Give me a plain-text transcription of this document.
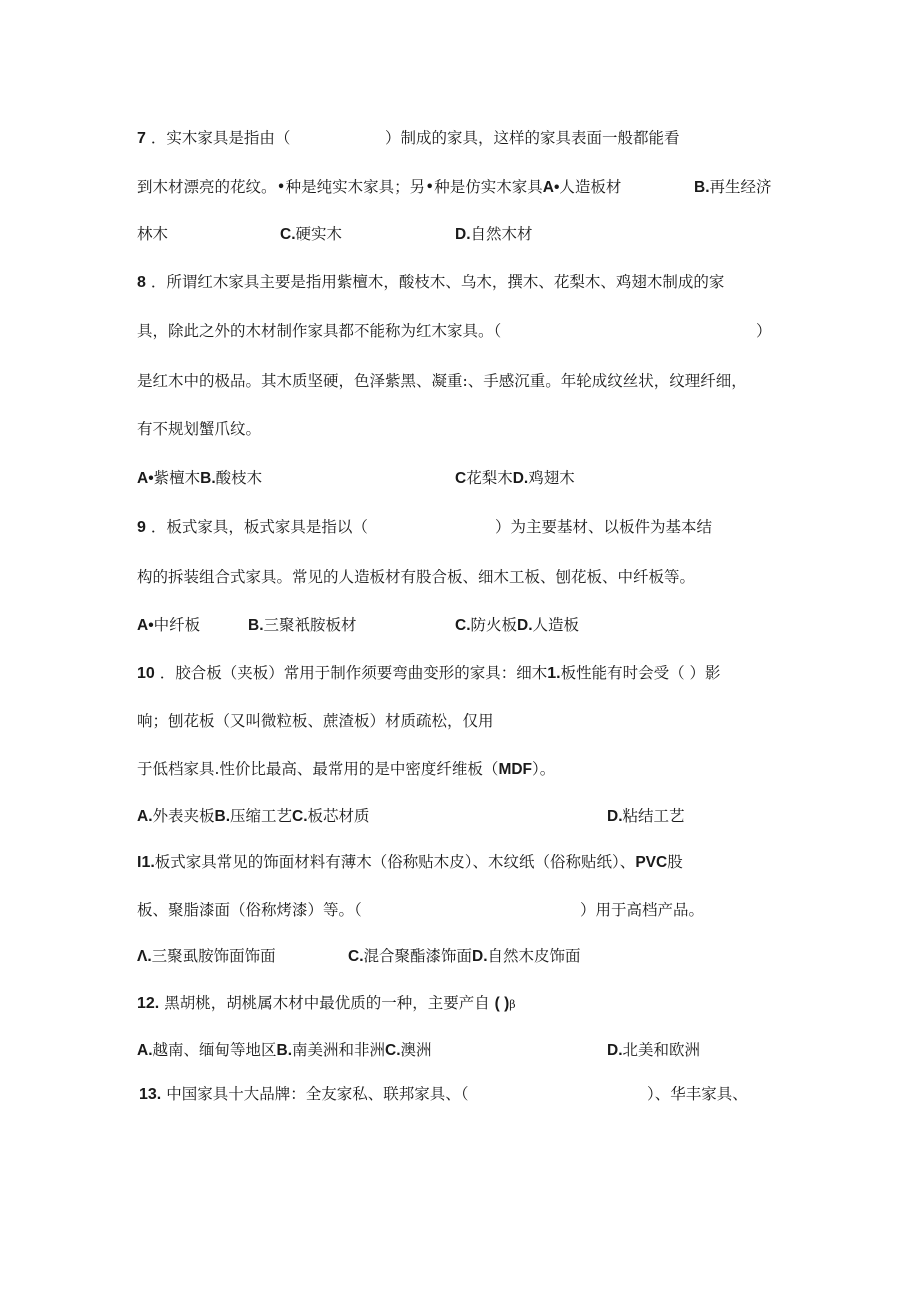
7 ．实木家具是指由（	）制成的家具，这样的家具表面一般都能看
到木材漂亮的花纹。•种是纯实木家具；另•种是仿实木家具A•人造板材	B.再生经济
林木	C.硬实木	D.自然木材
8 ．所谓红木家具主要是指用紫檀木，酸枝木、乌木，撰木、花梨木、鸡翅木制成的家
具，除此之外的木材制作家具都不能称为红木家具。（	）
是红木中的极品。其木质坚硬，色泽紫黑、凝重:、手感沉重。年轮成纹丝状，纹理纤细，
有不规划蟹爪纹。
A•紫檀木B.酸枝木	C花梨木D.鸡翅木
9 ．板式家具，板式家具是指以（	）为主要基材、以板件为基本结
构的拆装组合式家具。常见的人造板材有股合板、细木工板、刨花板、中纤板等。
A•中纤板	B.三聚衹胺板材	C.防火板D.人造板
10 ．胶合板（夹板）常用于制作须要弯曲变形的家具：细木1.板性能有时会受（ ）影
响；刨花板（又叫微粒板、蔗渣板）材质疏松，仅用
于低档家具.性价比最高、最常用的是中密度纤维板（MDF）。
A.外表夹板B.压缩工艺C.板芯材质	D.粘结工艺
I1.板式家具常见的饰面材料有薄木（俗称贴木皮）、木纹纸（俗称贴纸）、PVC股
板、聚脂漆面（俗称烤漆）等。（	）用于高档产品。
Λ.三聚虱胺饰面饰面	C.混合聚酯漆饰面D.自然木皮饰面
12. 黑胡桃，胡桃属木材中最优质的一种，主要产自 ( )β
A.越南、缅甸等地区B.南美洲和非洲C.澳洲	D.北美和欧洲
13. 中国家具十大品牌：全友家私、联邦家具、（	）、华丰家具、
